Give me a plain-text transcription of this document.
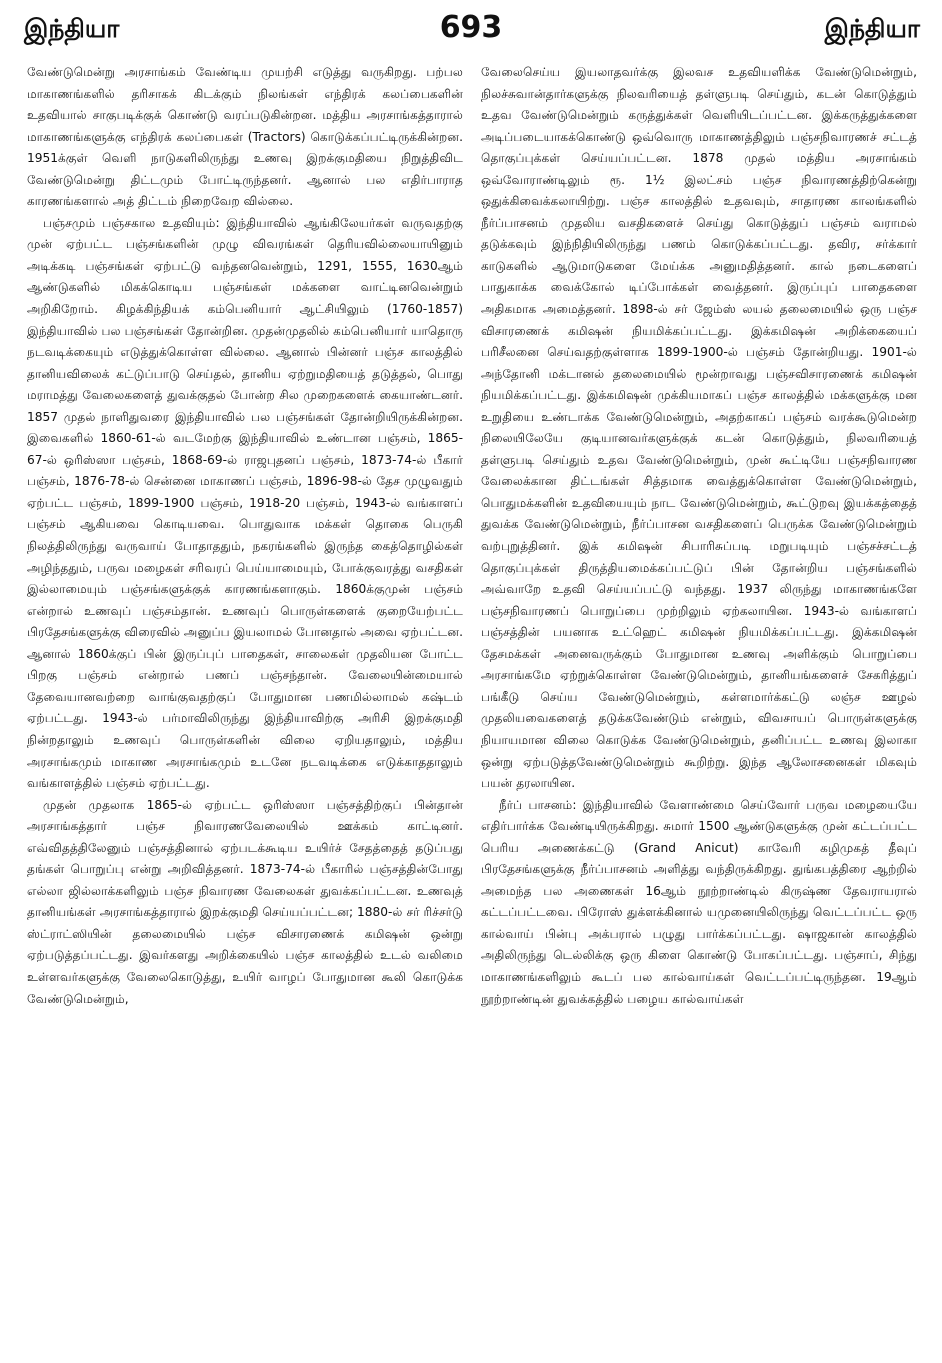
இந்தியா	693	இந்தியா

வேண்டுமென்று அரசாங்கம் வேண்டிய முயற்சி எடுத்து வருகிறது. பற்பல மாகாணங்களில் தரிசாகக் கிடக்கும் நிலங்கள் எந்திரக் கலப்பைகளின் உதவியால் சாகுபடிக்குக் கொண்டு வரப்படுகின்றன. மத்திய அரசாங்கத்தாரால் மாகாணங்களுக்கு எந்திரக் கலப்பைகள் (Tractors) கொடுக்கப்பட்டிருக்கின்றன. 1951க்குள் வெளி நாடுகளிலிருந்து உணவு இறக்குமதியை நிறுத்திவிட வேண்டுமென்று திட்டமும் போட்டிருந்தனர். ஆனால் பல எதிர்பாராத காரணங்களால் அத் திட்டம் நிறைவேற வில்லை.

பஞ்சமும் பஞ்சகால உதவியும்: இந்தியாவில் ஆங்கிலேயர்கள் வருவதற்கு முன் ஏற்பட்ட பஞ்சங்களின் முழு விவரங்கள் தெரியவில்லையாயினும் அடிக்கடி பஞ்சங்கள் ஏற்பட்டு வந்தனவென்றும், 1291, 1555, 1630ஆம் ஆண்டுகளில் மிகக்கொடிய பஞ்சங்கள் மக்களை வாட்டினவென்றும் அறிகிறோம். கிழக்கிந்தியக் கம்பெனியார் ஆட்சியிலும் (1760-1857) இந்தியாவில் பல பஞ்சங்கள் தோன்றின. முதன்முதலில் கம்பெனியார் யாதொரு நடவடிக்கையும் எடுத்துக்கொள்ள வில்லை. ஆனால் பின்னர் பஞ்ச காலத்தில் தானியவிலைக் கட்டுப்பாடு செய்தல், தானிய ஏற்றுமதியைத் தடுத்தல், பொது மராமத்து வேலைகளைத் துவக்குதல் போன்ற சில முறைகளைக் கையாண்டனர். 1857 முதல் நாளிதுவரை இந்தியாவில் பல பஞ்சங்கள் தோன்றியிருக்கின்றன. இவைகளில் 1860-61-ல் வடமேற்கு இந்தியாவில் உண்டான பஞ்சம், 1865-67-ல் ஒரிஸ்ஸா பஞ்சம், 1868-69-ல் ராஜபுதனப் பஞ்சம், 1873-74-ல் பீகார் பஞ்சம், 1876-78-ல் சென்னை மாகாணப் பஞ்சம், 1896-98-ல் தேச முழுவதும் ஏற்பட்ட பஞ்சம், 1899-1900 பஞ்சம், 1918-20 பஞ்சம், 1943-ல் வங்காளப் பஞ்சம் ஆகியவை கொடியவை. பொதுவாக மக்கள் தொகை பெருகி நிலத்திலிருந்து வருவாய் போதாததும், நகரங்களில் இருந்த கைத்தொழில்கள் அழிந்ததும், பருவ மழைகள் சரிவரப் பெய்யாமையும், போக்குவரத்து வசதிகள் இல்லாமையும் பஞ்சங்களுக்குக் காரணங்களாகும். 1860க்குமுன் பஞ்சம் என்றால் உணவுப் பஞ்சம்தான். உணவுப் பொருள்களைக் குறையேற்பட்ட பிரதேசங்களுக்கு விரைவில் அனுப்ப இயலாமல் போனதால் அவை ஏற்பட்டன. ஆனால் 1860க்குப் பின் இருப்புப் பாதைகள், சாலைகள் முதலியன போட்ட பிறகு பஞ்சம் என்றால் பணப் பஞ்சந்தான். வேலையின்மையால் தேவையானவற்றை வாங்குவதற்குப் போதுமான பணமில்லாமல் கஷ்டம் ஏற்பட்டது. 1943-ல் பர்மாவிலிருந்து இந்தியாவிற்கு அரிசி இறக்குமதி நின்றதாலும் உணவுப் பொருள்களின் விலை ஏறியதாலும், மத்திய அரசாங்கமும் மாகாண அரசாங்கமும் உடனே நடவடிக்கை எடுக்காததாலும் வங்காளத்தில் பஞ்சம் ஏற்பட்டது.

முதன் முதலாக 1865-ல் ஏற்பட்ட ஒரிஸ்ஸா பஞ்சத்திற்குப் பின்தான் அரசாங்கத்தார் பஞ்ச நிவாரணவேலையில் ஊக்கம் காட்டினர். எவ்விதத்திலேனும் பஞ்சத்தினால் ஏற்படக்கூடிய உயிர்ச் சேதத்தைத் தடுப்பது தங்கள் பொறுப்பு என்று அறிவித்தனர். 1873-74-ல் பீகாரில் பஞ்சத்தின்போது எல்லா ஜில்லாக்களிலும் பஞ்ச நிவாரண வேலைகள் துவக்கப்பட்டன. உணவுத் தானியங்கள் அரசாங்கத்தாரால் இறக்குமதி செய்யப்பட்டன; 1880-ல் சர் ரிச்சர்டு ஸ்ட்ராட்ஸியின் தலைமையில் பஞ்ச விசாரணைக் கமிஷன் ஒன்று ஏற்படுத்தப்பட்டது. இவர்களது அறிக்கையில் பஞ்ச காலத்தில் உடல் வலிமை உள்ளவர்களுக்கு வேலைகொடுத்து, உயிர் வாழப் போதுமான கூலி கொடுக்க வேண்டுமென்றும்,

வேலைசெய்ய இயலாதவர்க்கு இலவச உதவியளிக்க வேண்டுமென்றும், நிலச்சுவான்தார்களுக்கு நிலவரியைத் தள்ளுபடி செய்தும், கடன் கொடுத்தும் உதவ வேண்டுமென்றும் கருத்துக்கள் வெளியிடப்பட்டன. இக்கருத்துக்களை அடிப்படையாகக்கொண்டு ஒவ்வொரு மாகாணத்திலும் பஞ்சநிவாரணச் சட்டத் தொகுப்புக்கள் செய்யப்பட்டன. 1878 முதல் மத்திய அரசாங்கம் ஒவ்வோராண்டிலும் ரூ. 1½ இலட்சம் பஞ்ச நிவாரணத்திற்கென்று ஒதுக்கிவைக்கலாயிற்று. பஞ்ச காலத்தில் உதவவும், சாதாரண காலங்களில் நீர்ப்பாசனம் முதலிய வசதிகளைச் செய்து கொடுத்துப் பஞ்சம் வராமல் தடுக்கவும் இந்நிதியிலிருந்து பணம் கொடுக்கப்பட்டது. தவிர, சர்க்கார் காடுகளில் ஆடுமாடுகளை மேய்க்க அனுமதித்தனர். கால் நடைகளைப் பாதுகாக்க வைக்கோல் டிப்போக்கள் வைத்தனர். இருப்புப் பாதைகளை அதிகமாக அமைத்தனர். 1898-ல் சர் ஜேம்ஸ் லயல் தலைமையில் ஒரு பஞ்ச விசாரணைக் கமிஷன் நியமிக்கப்பட்டது. இக்கமிஷன் அறிக்கையைப் பரிசீலனை செய்வதற்குள்ளாக 1899-1900-ல் பஞ்சம் தோன்றியது. 1901-ல் அந்தோனி மக்டானல் தலைமையில் மூன்றாவது பஞ்சவிசாரணைக் கமிஷன் நியமிக்கப்பட்டது. இக்கமிஷன் முக்கியமாகப் பஞ்ச காலத்தில் மக்களுக்கு மன உறுதியை உண்டாக்க வேண்டுமென்றும், அதற்காகப் பஞ்சம் வரக்கூடுமென்ற நிலையிலேயே குடியானவர்களுக்குக் கடன் கொடுத்தும், நிலவரியைத் தள்ளுபடி செய்தும் உதவ வேண்டுமென்றும், முன் கூட்டியே பஞ்சநிவாரண வேலைக்கான திட்டங்கள் சித்தமாக வைத்துக்கொள்ள வேண்டுமென்றும், பொதுமக்களின் உதவியையும் நாட வேண்டுமென்றும், கூட்டுறவு இயக்கத்தைத் துவக்க வேண்டுமென்றும், நீர்ப்பாசன வசதிகளைப் பெருக்க வேண்டுமென்றும் வற்புறுத்தினர். இக் கமிஷன் சிபாரிசுப்படி மறுபடியும் பஞ்சச்சட்டத் தொகுப்புக்கள் திருத்தியமைக்கப்பட்டுப் பின் தோன்றிய பஞ்சங்களில் அவ்வாறே உதவி செய்யப்பட்டு வந்தது. 1937 லிருந்து மாகாணங்களே பஞ்சநிவாரணப் பொறுப்பை முற்றிலும் ஏற்கலாயின. 1943-ல் வங்காளப் பஞ்சத்தின் பயனாக உட்ஹெட் கமிஷன் நியமிக்கப்பட்டது. இக்கமிஷன் தேசமக்கள் அனைவருக்கும் போதுமான உணவு அளிக்கும் பொறுப்பை அரசாங்கமே ஏற்றுக்கொள்ள வேண்டுமென்றும், தானியங்களைச் சேகரித்துப் பங்கீடு செய்ய வேண்டுமென்றும், கள்ளமார்க்கட்டு லஞ்ச ஊழல் முதலியவைகளைத் தடுக்கவேண்டும் என்றும், விவசாயப் பொருள்களுக்கு நியாயமான விலை கொடுக்க வேண்டுமென்றும், தனிப்பட்ட உணவு இலாகா ஒன்று ஏற்படுத்தவேண்டுமென்றும் கூறிற்று. இந்த ஆலோசனைகள் மிகவும் பயன் தரலாயின.

நீர்ப் பாசனம்: இந்தியாவில் வேளாண்மை செய்வோர் பருவ மழையையே எதிர்பார்க்க வேண்டியிருக்கிறது. சுமார் 1500 ஆண்டுகளுக்கு முன் கட்டப்பட்ட பெரிய அணைக்கட்டு (Grand Anicut) காவேரி கழிமுகத் தீவுப் பிரதேசங்களுக்கு நீர்ப்பாசனம் அளித்து வந்திருக்கிறது. துங்கபத்திரை ஆற்றில் அமைந்த பல அணைகள் 16ஆம் நூற்றாண்டில் கிருஷ்ண தேவராயரால் கட்டப்பட்டவை. பிரோஸ் துக்ளக்கினால் யமுனையிலிருந்து வெட்டப்பட்ட ஒரு கால்வாய் பின்பு அக்பரால் பழுது பார்க்கப்பட்டது. ஷாஜகான் காலத்தில் அதிலிருந்து டெல்லிக்கு ஒரு கிளை கொண்டு போகப்பட்டது. பஞ்சாப், சிந்து மாகாணங்களிலும் கூடப் பல கால்வாய்கள் வெட்டப்பட்டிருந்தன. 19ஆம் நூற்றாண்டின் துவக்கத்தில் பழைய கால்வாய்கள்
